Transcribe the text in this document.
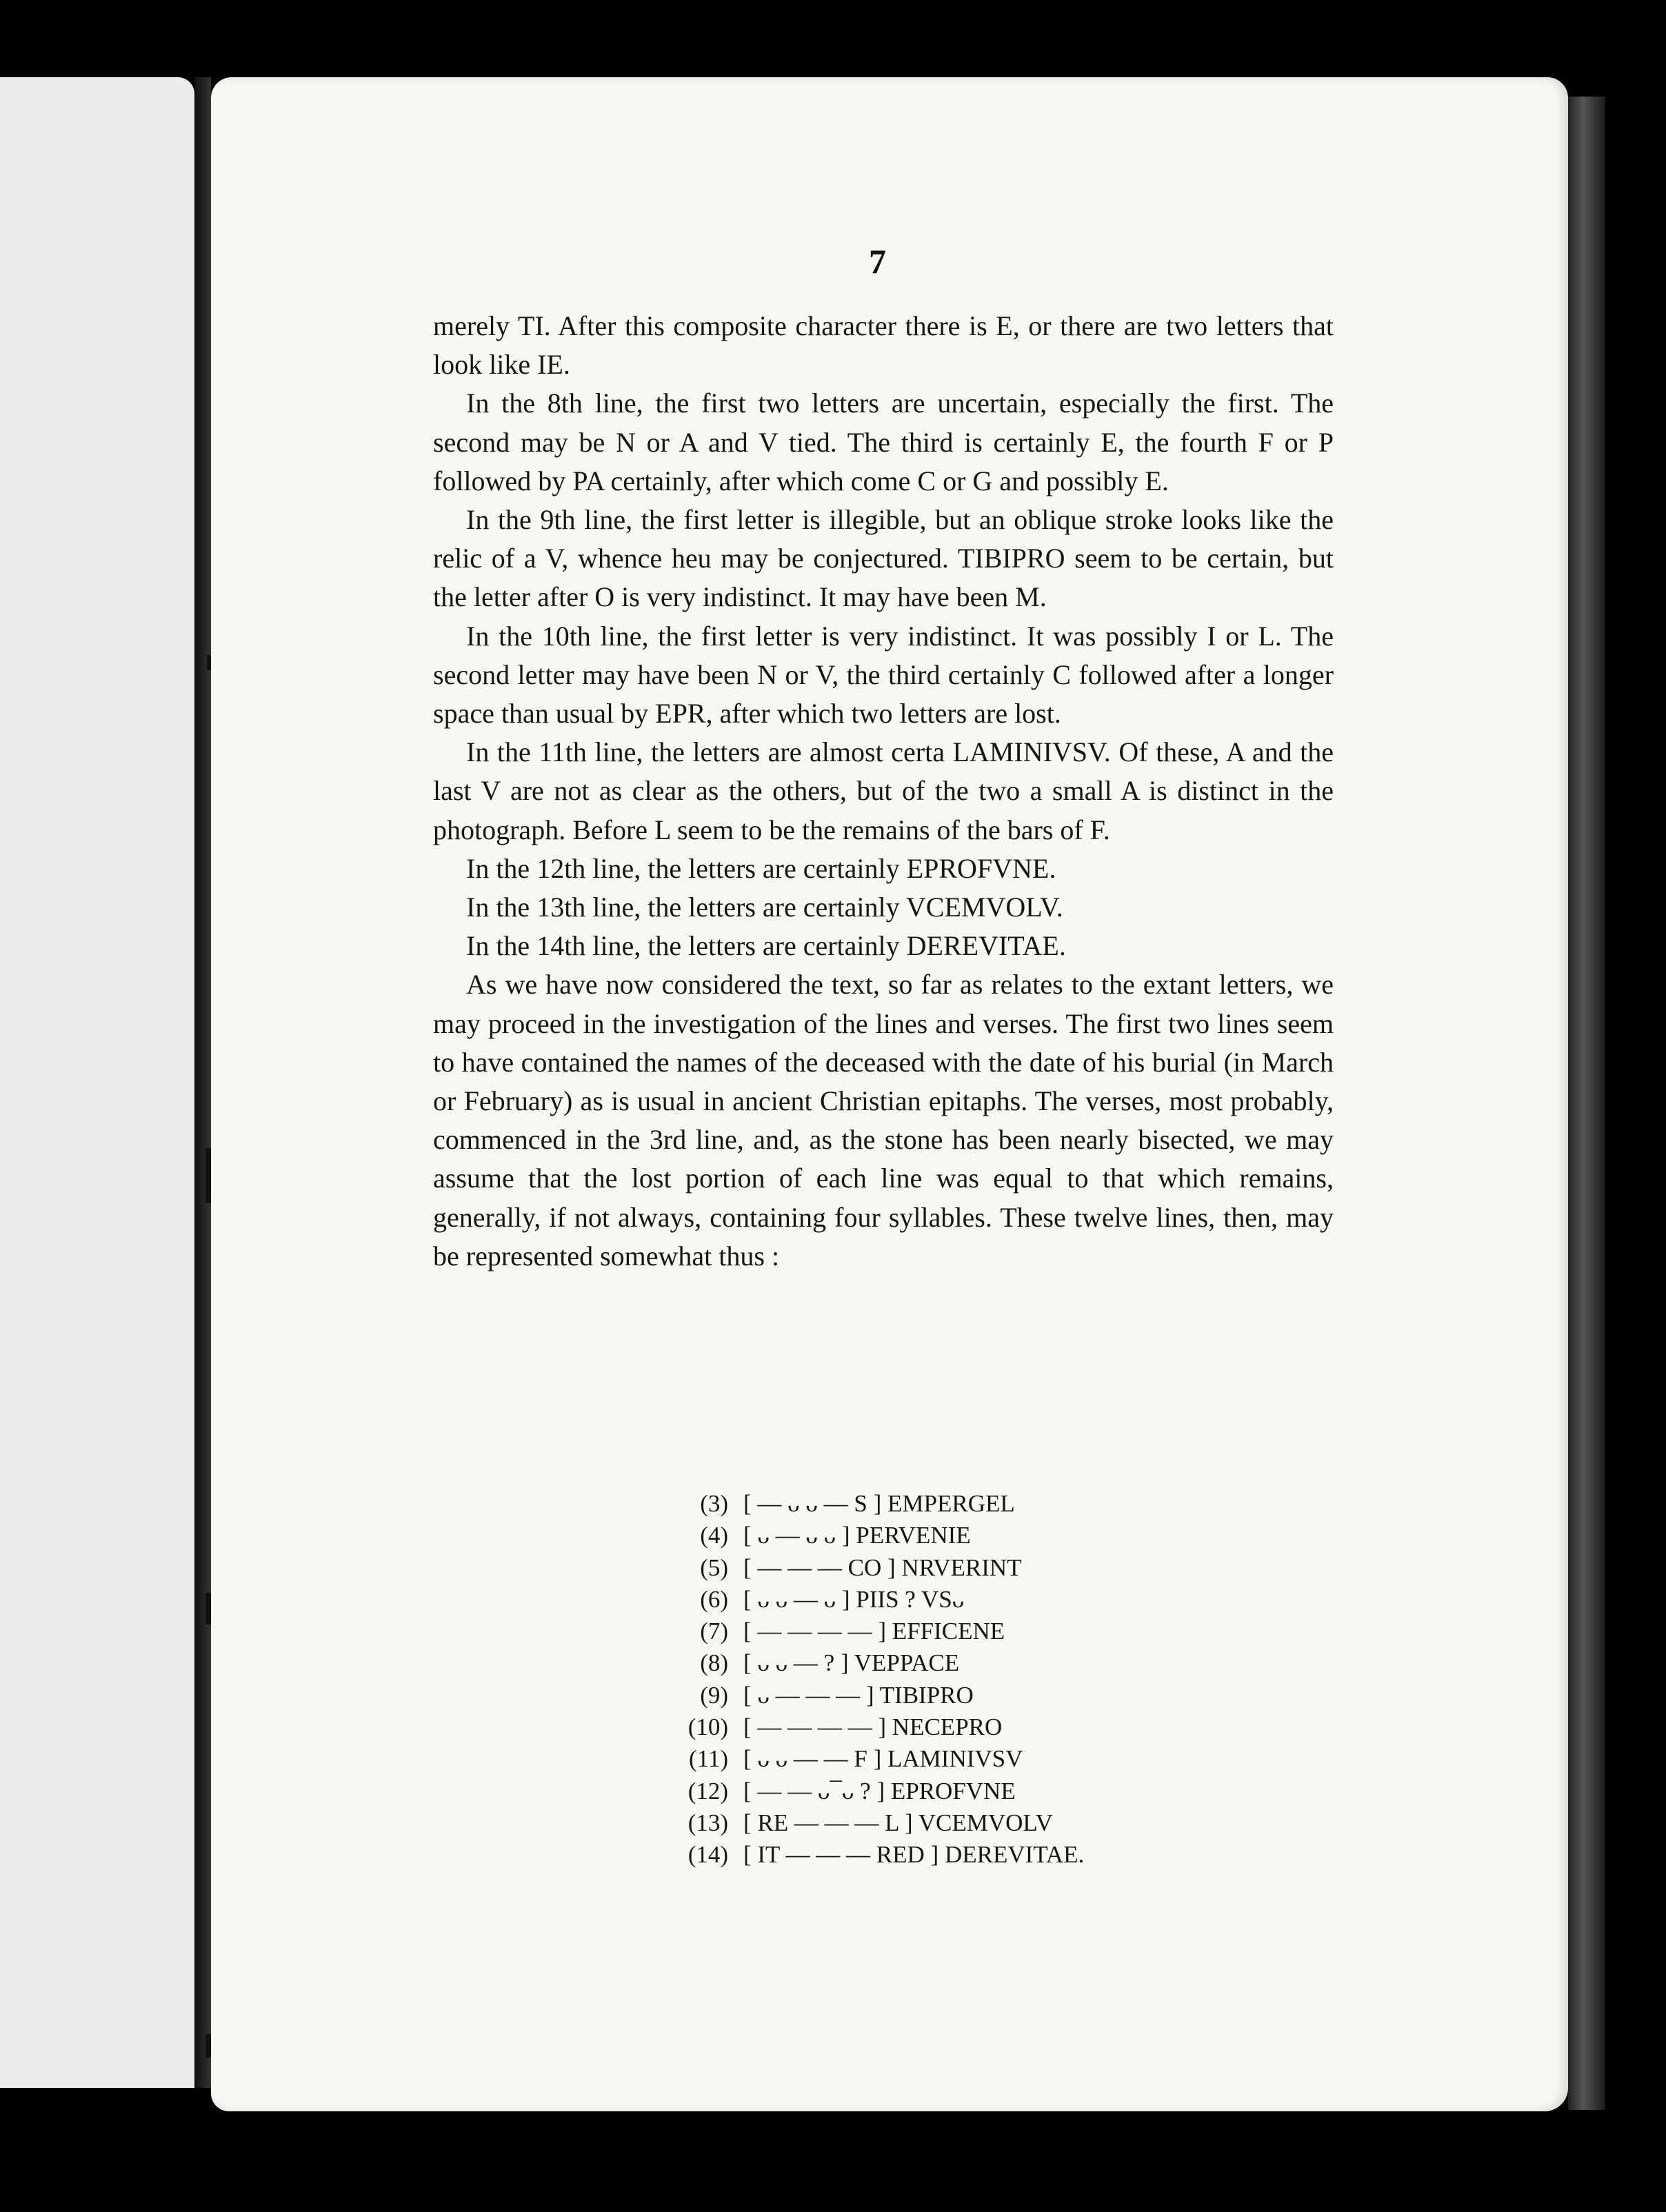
7

merely TI. After this composite character there is E, or there are two letters that look like IE.

In the 8th line, the first two letters are uncertain, especially the first. The second may be N or A and V tied. The third is certainly E, the fourth F or P followed by PA certainly, after which come C or G and possibly E.

In the 9th line, the first letter is illegible, but an oblique stroke looks like the relic of a V, whence heu may be conjectured. TIBIPRO seem to be certain, but the letter after O is very indistinct. It may have been M.

In the 10th line, the first letter is very indistinct. It was possibly I or L. The second letter may have been N or V, the third certainly C followed after a longer space than usual by EPR, after which two letters are lost.

In the 11th line, the letters are almost certa LAMINIVSV. Of these, A and the last V are not as clear as the others, but of the two a small A is distinct in the photograph. Before L seem to be the remains of the bars of F.

In the 12th line, the letters are certainly EPROFVNE.

In the 13th line, the letters are certainly VCEMVOLV.

In the 14th line, the letters are certainly DEREVITAE.

As we have now considered the text, so far as relates to the extant letters, we may proceed in the investigation of the lines and verses. The first two lines seem to have contained the names of the deceased with the date of his burial (in March or February) as is usual in ancient Christian epitaphs. The verses, most probably, commenced in the 3rd line, and, as the stone has been nearly bisected, we may assume that the lost portion of each line was equal to that which remains, generally, if not always, containing four syllables. These twelve lines, then, may be represented somewhat thus :

(3) [ — ᴗ ᴗ — S ] EMPERGEL
(4) [ ᴗ — ᴗ ᴗ ] PERVENIE
(5) [ — — — CO ] NRVERINT
(6) [ ᴗ ᴗ — ᴗ ] PIIS ? VSᴗ
(7) [ — — — — ] EFFICENE
(8) [ ᴗ ᴗ — ? ] VEPPACE
(9) [ ᴗ — — — ] TIBIPRO
(10) [ — — — — ] NECEPRO
(11) [ ᴗ ᴗ — — F ] LAMINIVSV
(12) [ — — ᴗ¯ᴗ ? ] EPROFVNE
(13) [ RE — — — L ] VCEMVOLV
(14) [ IT — — — RED ] DEREVITAE.
